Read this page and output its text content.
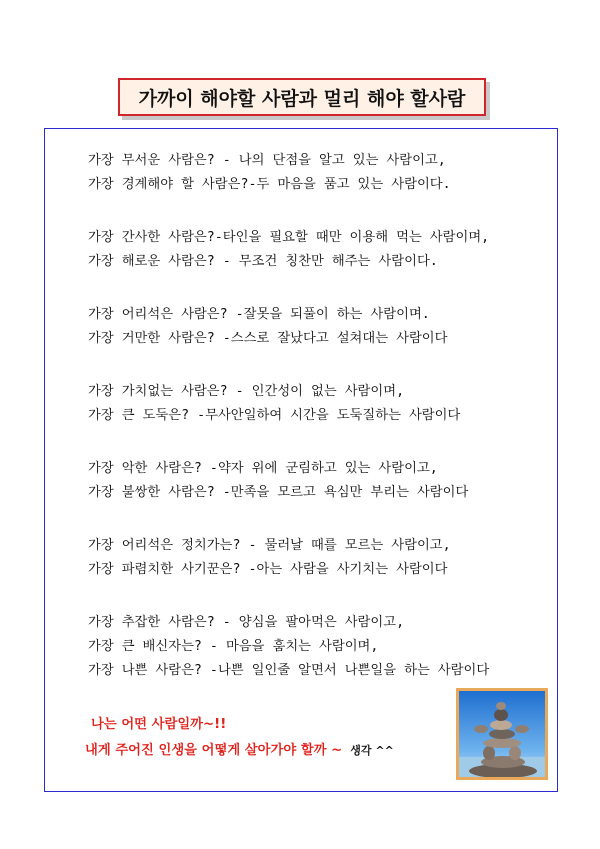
가까이 해야할 사람과 멀리 해야 할사람
가장 무서운 사람은? - 나의 단점을 알고 있는 사람이고,
가장 경계해야 할 사람은?-두 마음을 품고 있는 사람이다.
가장 간사한 사람은?-타인을 필요할 때만 이용해 먹는 사람이며,
가장 해로운 사람은? - 무조건 칭찬만 해주는 사람이다.
가장 어리석은 사람은? -잘못을 되풀이 하는 사람이며.
가장 거만한 사람은? -스스로 잘났다고 설쳐대는 사람이다
가장 가치없는 사람은? - 인간성이 없는 사람이며,
가장 큰 도둑은? -무사안일하여 시간을 도둑질하는 사람이다
가장 악한 사람은? -약자 위에 군림하고 있는 사람이고,
가장 불쌍한 사람은? -만족을 모르고 욕심만 부리는 사람이다
가장 어리석은 정치가는? - 물러날 때를 모르는 사람이고,
가장 파렴치한 사기꾼은? -아는 사람을 사기치는 사람이다
가장 추잡한 사람은? - 양심을 팔아먹은 사람이고,
가장 큰 배신자는? - 마음을 훔치는 사람이며,
가장 나쁜 사람은? -나쁜 일인줄 알면서 나쁜일을 하는 사람이다
나는 어떤 사람일까~!!
내게 주어진 인생을 어떻게 살아가야 할까 ~ 생각 ^^
